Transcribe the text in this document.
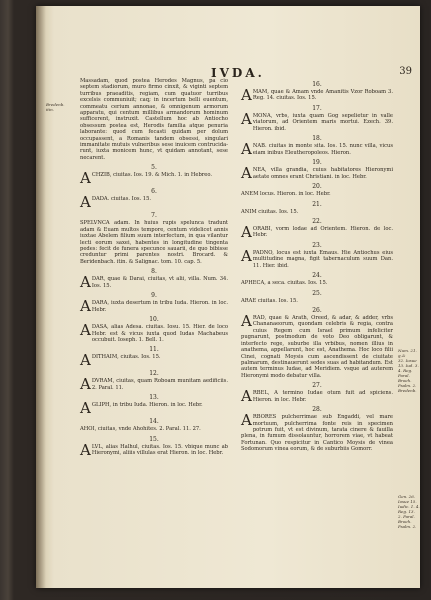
IVDA.	39
Bredenb.
itin.
Num. 21.
g,&
32. Iosue
13. Iud. 3.
4. Reg.
Paral.
Broeh.
Psalm. 2.
Bredenb.
Gen. 26.
Iosue 15.
Iudic. 1. 4.
Reg. 13.
2. Paral.
Broeh.
Psalm. 2.
Massadam, quod postea Herodes Magnus, pa cio septem stadiorum, muro firmo cinxit, & viginti septem turribus praeaditis, regiam, cum quatuor turribus excelsis communiuit; caq; in incertum belli euentum, commeatu cerium annonae, & omnigenum armorum apparatu, qui centum millibus armandorum hominum sufficerent, instruxit. Castellum hoc ab Antiocho obsessum postea est, Herodis familia atque penuria laborante: quod cum fecasti quidam per dolum occupassent, a Romanis tandem obsessi, singulari immanitate mutuis vulneribus sese inuicem contrucida-runt, iuxta monicem hunc, vt quidam annotant, sese necarent.
5.
ACHZIB, ciuitas. Ios. 19. & Mich. 1. in Hebreo.
6.
ADADA. ciuitas. Ios. 15.
7.
SPELVNCA adam. In huius rupis spelunca tradunt adam & Euam multos tempore, centum videlicet annis iuxtae Abelem filium suum interfectum, in qua vilantur lecti eorum saxei, habentes in longitudine tingenta pedes: fecit de funera specunce sauarii, de quo bibisse creduntur primi parentes nostri. Brocard. & Beridenbach. itin. & Salignac. tom. 10. cap. 5.
8.
ADAR, quae & Darai, ciuitas, vt alii, villa. Num. 34. Ios. 15.
9.
ADARA, iuxta desertum in tribu Iuda. Hieron. in loc. Hebr.
10.
ADASA, alias Adesa. ciuitas. Iosu. 15. Hier. de loco Hebr. est & vicus iuxta quod Iudas Machabeus occubuit. Ioseph. 1. Bell. 1.
11.
ADITHAIM, ciuitas. Ios. 15.
12.
ADVRAM, ciuitas, quam Roboam munitam aedificiis. 2. Paral. 11.
13.
AGLIPH, in tribu Iuda. Hieron. in loc. Hebr.
14.
AHOI, ciuitas, vnde Ahohites. 2. Paral. 11. 27.
15.
ALVL, alias Halhul, ciuitas. Ios. 15. vbique munc ab Hieronymi, aliiis villulas erat Hieron. in loc. Hebr.
16.
AMAM, quae & Amam vnde Amanitis Vzor Roboam 3. Reg. 14. ciuitas. Ios. 15.
17.
AMONA, vrbs, iuxta quam Gog sepelietur in valle viatorum, ad Orientem maris mortui. Ezech. 39. Hieron. ibid.
18.
ANAB. ciuitas in monte sita. Ios. 15. nunc villa, vicus eiam inibus Eleutheropoleos. Hieron.
19.
ANEA, villa grandia, cuius habitatores Hieronymi aetate omnes erant Christiani. in loc. Hebr.
20.
ANEM locus. Hieron. in loc. Hebr.
21.
ANIM ciuitas. Ios. 15.
22.
AORABI, vorm lodae ad Orientem. Hieron. de loc. Hebr.
23.
APADNO, locus est iuxta Emaus. Hie Antiochus eius multitudine magna, figit tabernaculum suum Dan. 11. Hier. ibid.
24.
APHECA, a seca. ciuitas. Ios. 15.
25.
ARAE ciuitas. Ios. 15.
26.
ARAD, quae & Arath, Oreed, & adar, & adder, vrbs Chananaeorum, quondam celebris & regia, contra cuius Regem cum Israel primum infeliciter pugnarunt, postmodum de voto Deo obligarunt, & interfecto rege, suburbe illa vrbibus, nomen illius in anathema, appellarunt, hoc est, Anathema. Hoc loco filii Cinei, cognati Moysis cum ascendissent de ciuitate palmarum, destinauerunt sedes suas ad habitandum. Est autem terminus Iudae, ad Meridiem. vsque ad auterem Hieronymi modo debatur villa.
27.
ARBEL, A termino Iudae otum fuit ad spiciens. Hieron. in loc. Hebr.
28.
ARBORES pulcherrimae sub Engaddi, vel mare mortuum, pulcherrima fonte reis in specimen potrum fuit, vt est divinum, tarata cinere & fauilla plena, in fumum dissolauntur, horrorem viae, vt habeat Fortunan. Quo respicitur in Cantico Moysis de vinea Sodomorum vinea eorum, & de suburbiis Gomorr.
